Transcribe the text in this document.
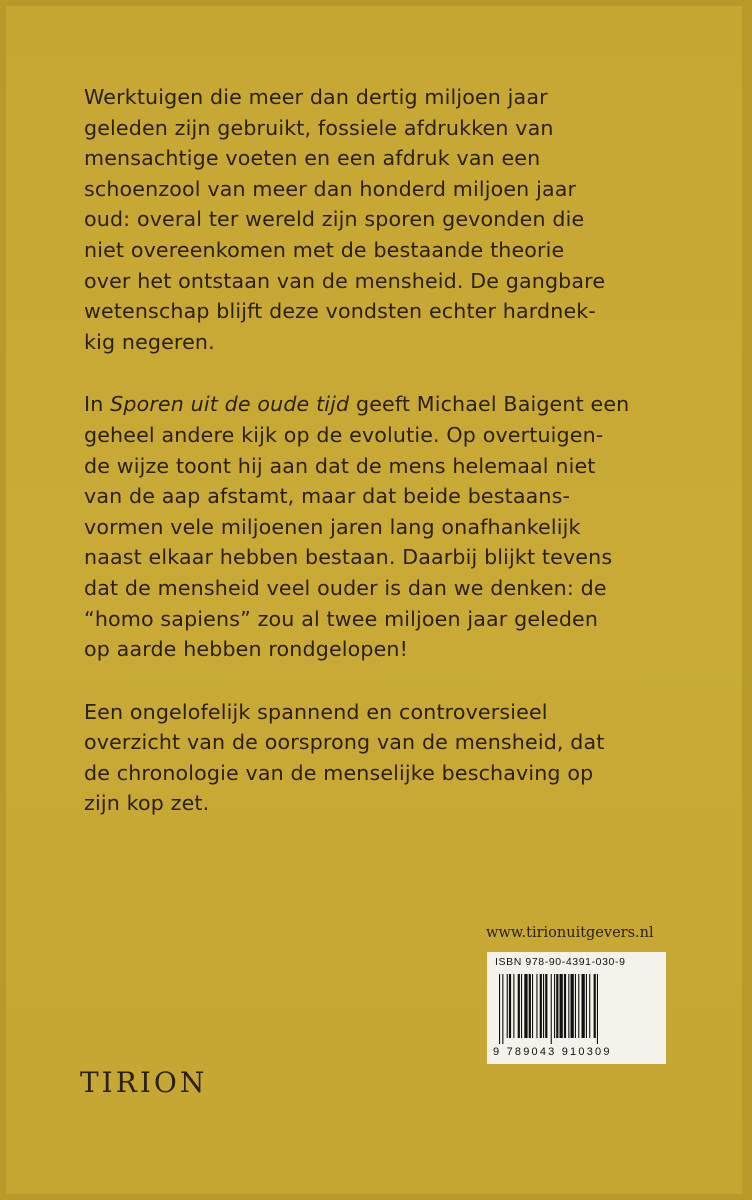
Werktuigen die meer dan dertig miljoen jaar
geleden zijn gebruikt, fossiele afdrukken van
mensachtige voeten en een afdruk van een
schoenzool van meer dan honderd miljoen jaar
oud: overal ter wereld zijn sporen gevonden die
niet overeenkomen met de bestaande theorie
over het ontstaan van de mensheid. De gangbare
wetenschap blijft deze vondsten echter hardnek-
kig negeren.

In Sporen uit de oude tijd geeft Michael Baigent een
geheel andere kijk op de evolutie. Op overtuigen-
de wijze toont hij aan dat de mens helemaal niet
van de aap afstamt, maar dat beide bestaans-
vormen vele miljoenen jaren lang onafhankelijk
naast elkaar hebben bestaan. Daarbij blijkt tevens
dat de mensheid veel ouder is dan we denken: de
“homo sapiens” zou al twee miljoen jaar geleden
op aarde hebben rondgelopen!

Een ongelofelijk spannend en controversieel
overzicht van de oorsprong van de mensheid, dat
de chronologie van de menselijke beschaving op
zijn kop zet.

www.tirionuitgevers.nl
ISBN 978-90-4391-030-9
9 789043 910309
TIRION
